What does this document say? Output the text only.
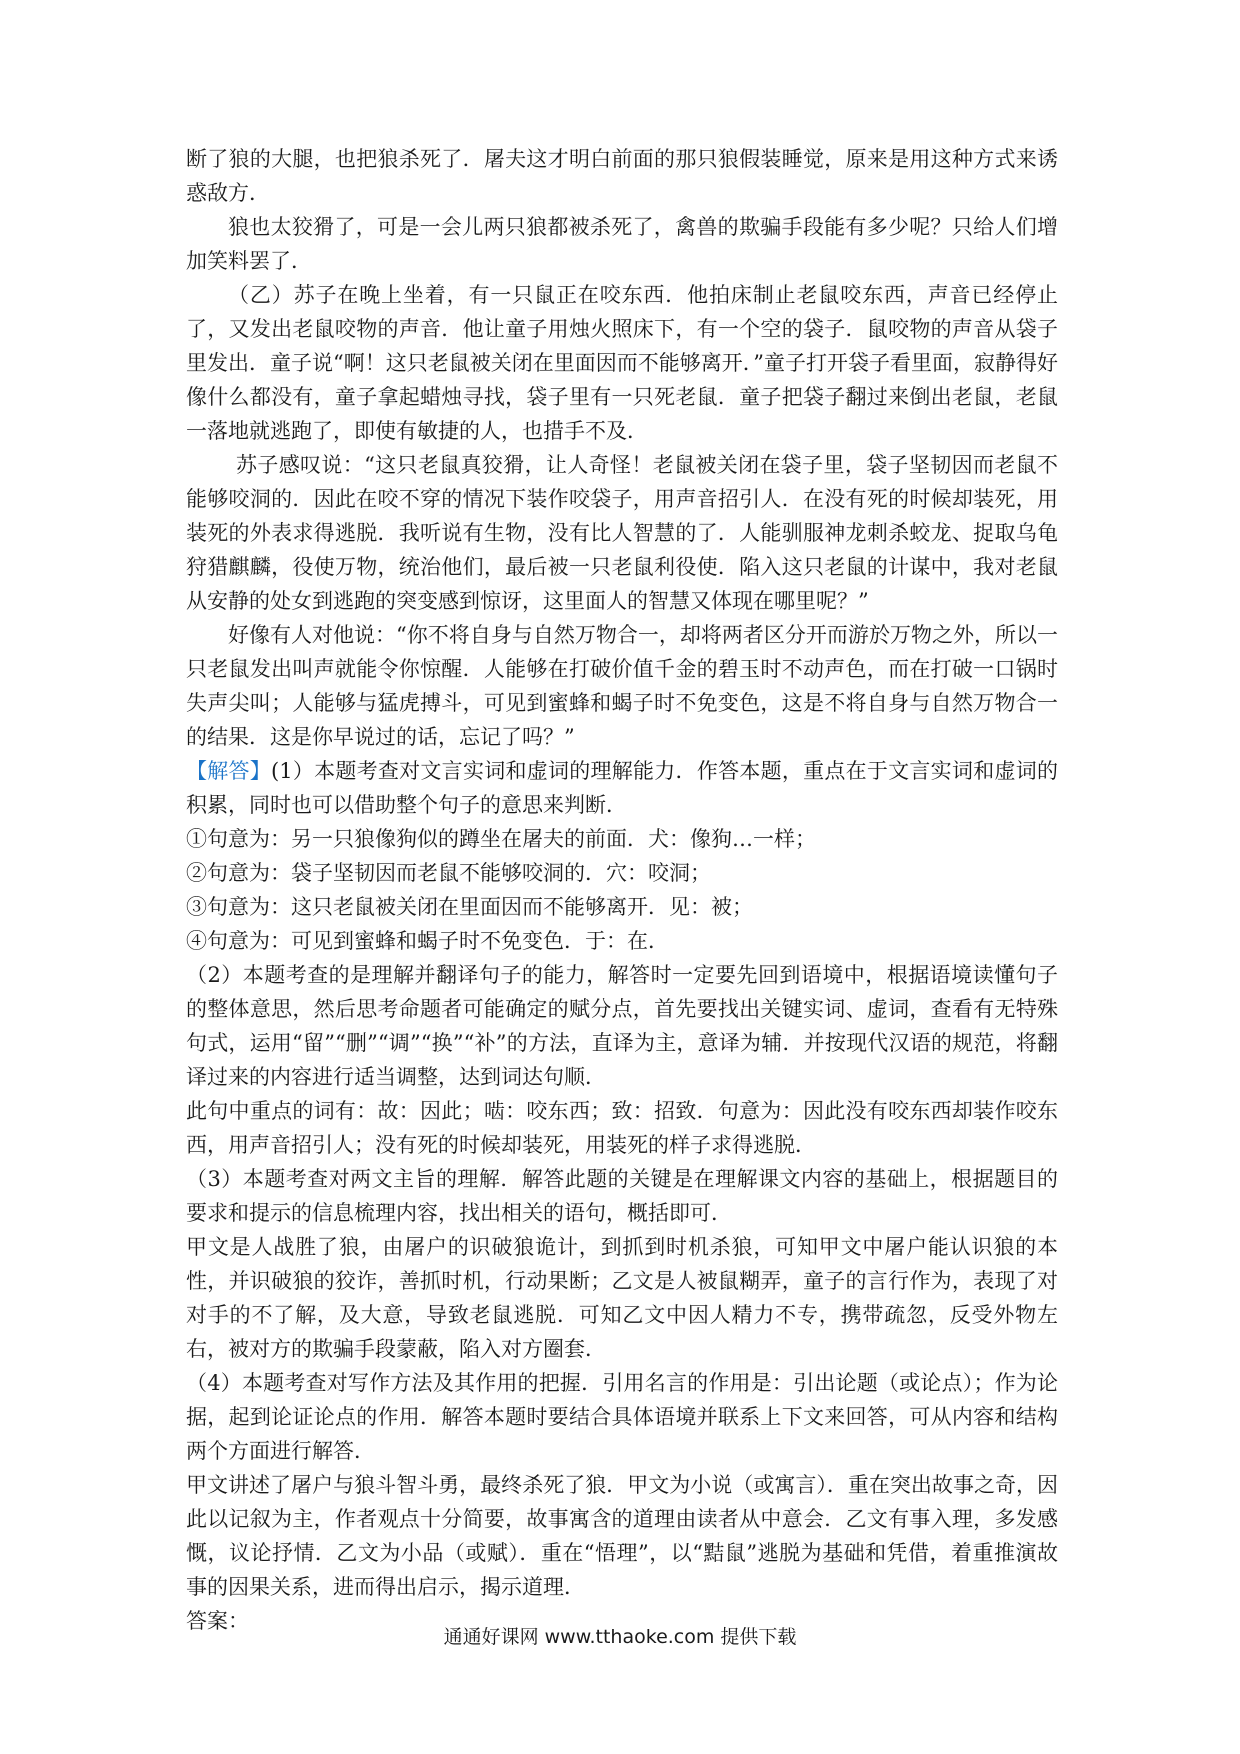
断了狼的大腿，也把狼杀死了．屠夫这才明白前面的那只狼假装睡觉，原来是用这种方式来诱惑敌方．

狼也太狡猾了，可是一会儿两只狼都被杀死了，禽兽的欺骗手段能有多少呢？只给人们增加笑料罢了．

（乙）苏子在晚上坐着，有一只鼠正在咬东西．他拍床制止老鼠咬东西，声音已经停止了，又发出老鼠咬物的声音．他让童子用烛火照床下，有一个空的袋子．鼠咬物的声音从袋子里发出．童子说“啊！这只老鼠被关闭在里面因而不能够离开．”童子打开袋子看里面，寂静得好像什么都没有，童子拿起蜡烛寻找，袋子里有一只死老鼠．童子把袋子翻过来倒出老鼠，老鼠一落地就逃跑了，即使有敏捷的人，也措手不及．

苏子感叹说：“这只老鼠真狡猾，让人奇怪！老鼠被关闭在袋子里，袋子坚韧因而老鼠不能够咬洞的．因此在咬不穿的情况下装作咬袋子，用声音招引人．在没有死的时候却装死，用装死的外表求得逃脱．我听说有生物，没有比人智慧的了．人能驯服神龙刺杀蛟龙、捉取乌龟狩猎麒麟，役使万物，统治他们，最后被一只老鼠利役使．陷入这只老鼠的计谋中，我对老鼠从安静的处女到逃跑的突变感到惊讶，这里面人的智慧又体现在哪里呢？”

好像有人对他说：“你不将自身与自然万物合一，却将两者区分开而游於万物之外，所以一只老鼠发出叫声就能令你惊醒．人能够在打破价值千金的碧玉时不动声色，而在打破一口锅时失声尖叫；人能够与猛虎搏斗，可见到蜜蜂和蝎子时不免变色，这是不将自身与自然万物合一的结果．这是你早说过的话，忘记了吗？”

【解答】(1）本题考查对文言实词和虚词的理解能力．作答本题，重点在于文言实词和虚词的积累，同时也可以借助整个句子的意思来判断．

①句意为：另一只狼像狗似的蹲坐在屠夫的前面．犬：像狗…一样；

②句意为：袋子坚韧因而老鼠不能够咬洞的．穴：咬洞；

③句意为：这只老鼠被关闭在里面因而不能够离开．见：被；

④句意为：可见到蜜蜂和蝎子时不免变色．于：在．

（2）本题考查的是理解并翻译句子的能力，解答时一定要先回到语境中，根据语境读懂句子的整体意思，然后思考命题者可能确定的赋分点，首先要找出关键实词、虚词，查看有无特殊句式，运用“留”“删”“调”“换”“补”的方法，直译为主，意译为辅．并按现代汉语的规范，将翻译过来的内容进行适当调整，达到词达句顺．

此句中重点的词有：故：因此；啮：咬东西；致：招致．句意为：因此没有咬东西却装作咬东西，用声音招引人；没有死的时候却装死，用装死的样子求得逃脱．

（3）本题考查对两文主旨的理解．解答此题的关键是在理解课文内容的基础上，根据题目的要求和提示的信息梳理内容，找出相关的语句，概括即可．

甲文是人战胜了狼，由屠户的识破狼诡计，到抓到时机杀狼，可知甲文中屠户能认识狼的本性，并识破狼的狡诈，善抓时机，行动果断；乙文是人被鼠糊弄，童子的言行作为，表现了对对手的不了解，及大意，导致老鼠逃脱．可知乙文中因人精力不专，携带疏忽，反受外物左右，被对方的欺骗手段蒙蔽，陷入对方圈套．

（4）本题考查对写作方法及其作用的把握．引用名言的作用是：引出论题（或论点）；作为论据，起到论证论点的作用．解答本题时要结合具体语境并联系上下文来回答，可从内容和结构两个方面进行解答．

甲文讲述了屠户与狼斗智斗勇，最终杀死了狼．甲文为小说（或寓言）．重在突出故事之奇，因此以记叙为主，作者观点十分简要，故事寓含的道理由读者从中意会．乙文有事入理，多发感慨，议论抒情．乙文为小品（或赋）．重在“悟理”，以“黠鼠”逃脱为基础和凭借，着重推演故事的因果关系，进而得出启示，揭示道理．

答案：

通通好课网 www.tthaoke.com 提供下载
